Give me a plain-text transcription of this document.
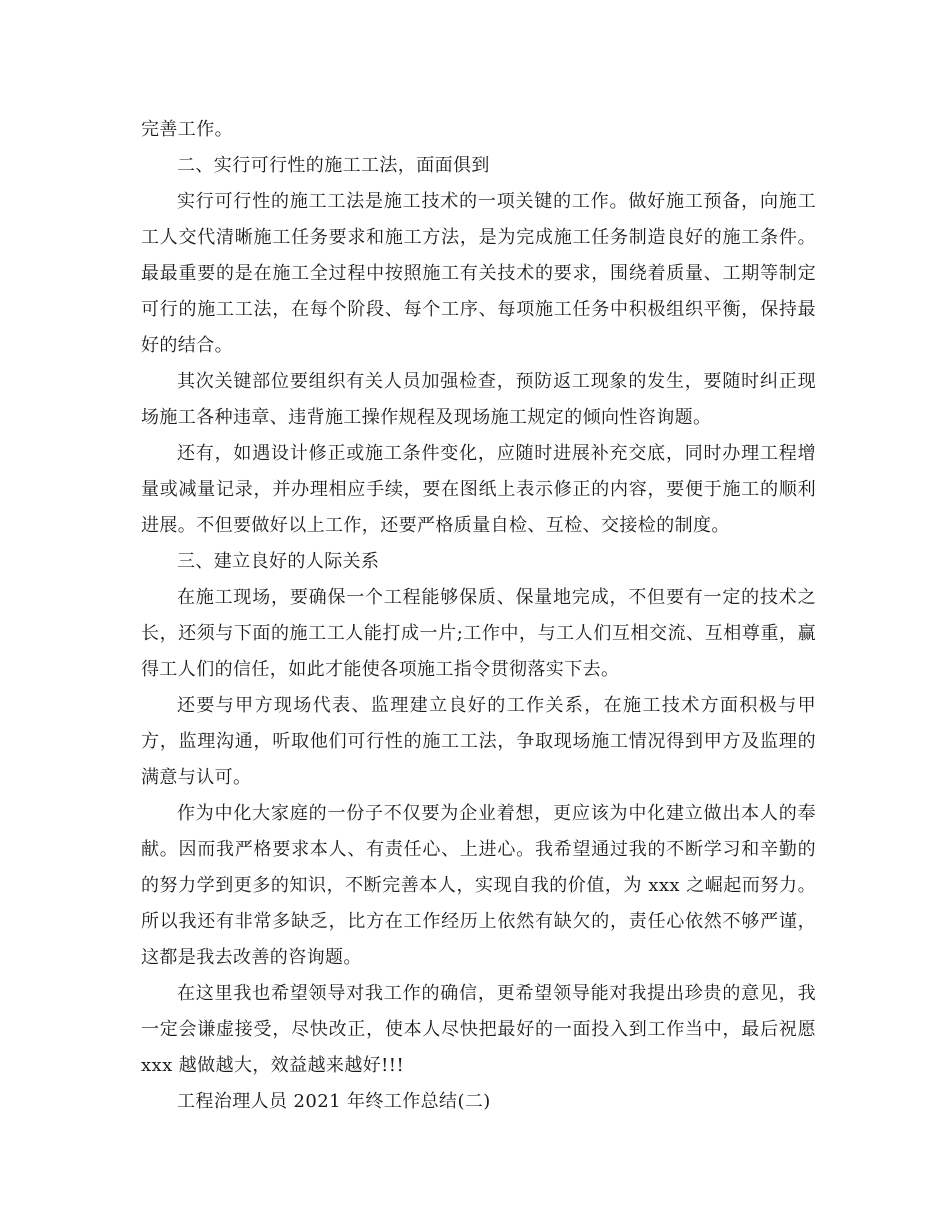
完善工作。

二、实行可行性的施工工法，面面俱到

实行可行性的施工工法是施工技术的一项关键的工作。做好施工预备，向施工工人交代清晰施工任务要求和施工方法，是为完成施工任务制造良好的施工条件。最最重要的是在施工全过程中按照施工有关技术的要求，围绕着质量、工期等制定可行的施工工法，在每个阶段、每个工序、每项施工任务中积极组织平衡，保持最好的结合。

其次关键部位要组织有关人员加强检查，预防返工现象的发生，要随时纠正现场施工各种违章、违背施工操作规程及现场施工规定的倾向性咨询题。

还有，如遇设计修正或施工条件变化，应随时进展补充交底，同时办理工程增量或减量记录，并办理相应手续，要在图纸上表示修正的内容，要便于施工的顺利进展。不但要做好以上工作，还要严格质量自检、互检、交接检的制度。

三、建立良好的人际关系

在施工现场，要确保一个工程能够保质、保量地完成，不但要有一定的技术之长，还须与下面的施工工人能打成一片;工作中，与工人们互相交流、互相尊重，赢得工人们的信任，如此才能使各项施工指令贯彻落实下去。

还要与甲方现场代表、监理建立良好的工作关系，在施工技术方面积极与甲方，监理沟通，听取他们可行性的施工工法，争取现场施工情况得到甲方及监理的满意与认可。

作为中化大家庭的一份子不仅要为企业着想，更应该为中化建立做出本人的奉献。因而我严格要求本人、有责任心、上进心。我希望通过我的不断学习和辛勤的的努力学到更多的知识，不断完善本人，实现自我的价值，为 xxx 之崛起而努力。所以我还有非常多缺乏，比方在工作经历上依然有缺欠的，责任心依然不够严谨，这都是我去改善的咨询题。

在这里我也希望领导对我工作的确信，更希望领导能对我提出珍贵的意见，我一定会谦虚接受，尽快改正，使本人尽快把最好的一面投入到工作当中，最后祝愿 xxx 越做越大，效益越来越好!!!

工程治理人员 2021 年终工作总结(二)
